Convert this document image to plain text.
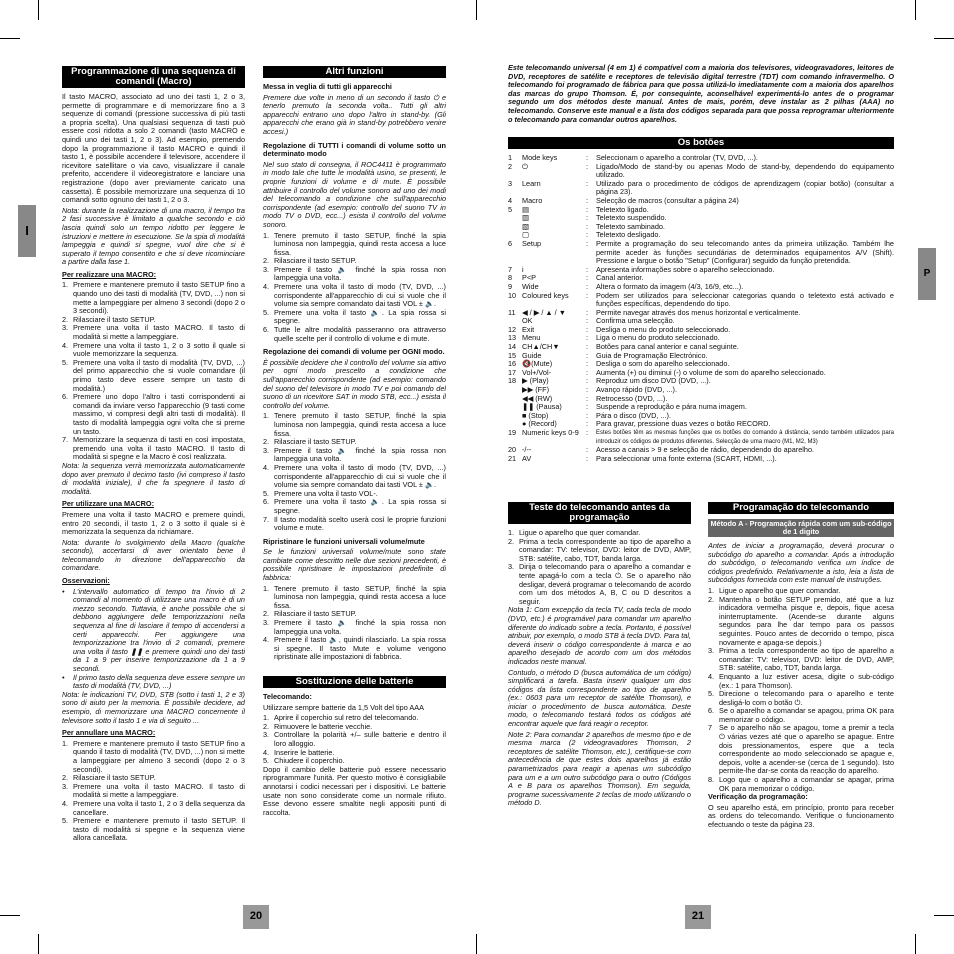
I
P
20	21
Programmazione di una sequenza di comandi (Macro)

Il tasto MACRO, associato ad uno dei tasti 1, 2 o 3, permette di programmare e di memorizzare fino a 3 sequenze di comandi (pressione successiva di più tasti a propria scelta). Una qualsiasi sequenza di tasti può essere così ridotta a solo 2 comandi (tasto MACRO e quindi uno dei tasti 1, 2 o 3). Ad esempio, premendo dopo la programmazione il tasto MACRO e quindi il tasto 1, è possibile accendere il televisore, accendere il ricevitore satellitare o via cavo, visualizzare il canale preferito, accendere il videoregistratore e lanciare una registrazione (dopo aver previamente caricato una cassetta). È possibile memorizzare una sequenza di 10 comandi sotto ognuno dei tasti 1, 2 o 3.

Nota: durante la realizzazione di una macro, il tempo tra 2 fasi successive è limitato a qualche secondo e ciò lascia quindi solo un tempo ridotto per leggere le istruzioni e mettere in esecuzione. Se la spia di modalità lampeggia e quindi si spegne, vuol dire che si è superato il tempo consentito e che si deve ricominciare a partire dalla fase 1.

Per realizzare una MACRO:

1. Premere e mantenere premuto il tasto SETUP fino a quando uno dei tasti di modalità (TV, DVD, ...) non si mette a lampeggiare per almeno 3 secondi (dopo 2 o 3 secondi).
2. Rilasciare il tasto SETUP.
3. Premere una volta il tasto MACRO. Il tasto di modalità si mette a lampeggiare.
4. Premere una volta il tasto 1, 2 o 3 sotto il quale si vuole memorizzare la sequenza.
5. Premere una volta il tasto di modalità (TV, DVD, ...) del primo apparecchio che si vuole comandare (il primo tasto deve essere sempre un tasto di modalità.)
6. Premere uno dopo l'altro i tasti corrispondenti ai comandi da inviare verso l'apparecchio (9 tasti come massimo, vi compresi degli altri tasti di modalità). Il tasto di modalità lampeggia ogni volta che si preme un tasto.
7. Memorizzare la sequenza di tasti en così impostata, premendo una volta il tasto MACRO. Il tasto di modalità si spegne e la Macro è così realizzata.

Nota: la sequenza verrà memorizzata automaticamente dopo aver premuto il decimo tasto (ivi compreso il tasto di modalità iniziale), il che fa spegnere il tasto di modalità.

Per utilizzare una MACRO:

Premere una volta il tasto MACRO e premere quindi, entro 20 secondi, il tasto 1, 2 o 3 sotto il quale si è memorizzata la sequenza da richiamare.

Nota: durante lo svolgimento della Macro (qualche secondo), accertarsi di aver orientato bene il telecomando in direzione dell'apparecchio da comandare.

Osservazioni:

• L'intervallo automatico di tempo tra l'invio di 2 comandi al momento di utilizzare una macro è di un mezzo secondo. Tuttavia, è anche possibile che si debbono aggiungere delle temporizzazioni nella sequenza al fine di lasciare il tempo di accendersi a certi apparecchi. Per aggiungere una temporizzazione tra l'invio di 2 comandi, premere una volta il tasto ❚❚ e premere quindi uno dei tasti da 1 a 9 per inserire temporizzazione da 1 a 9 secondi.
• Il primo tasto della sequenza deve essere sempre un tasto di modalità (TV, DVD, ...)

Nota: le indicazioni TV, DVD, STB (sotto i tasti 1, 2 e 3) sono di aiuto per la memoria. È possibile decidere, ad esempio, di memorizzare una MACRO concernente il televisore sotto il tasto 1 e via di seguito ...

Per annullare una MACRO:

1. Premere e mantenere premuto il tasto SETUP fino a quando il tasto di modalità (TV, DVD, ...) non si mette a lampeggiare per almeno 3 secondi (dopo 2 o 3 secondi).
2. Rilasciare il tasto SETUP.
3. Premere una volta il tasto MACRO. Il tasto di modalità si mette a lampeggiare.
4. Premere una volta il tasto 1, 2 o 3 della sequenza da cancellare.
5. Premere e mantenere premuto il tasto SETUP. Il tasto di modalità si spegne e la sequenza viene allora cancellata.
Altri funzioni

Messa in veglia di tutti gli apparecchi

Premere due volte in meno di un secondo il tasto ⏻ e tenerlo premuto la seconda volta.. Tutti gli altri apparecchi entrano uno dopo l'altro in stand-by. (Gli apparecchi che erano già in stand-by potrebbero venire accesi.)

Regolazione di TUTTI i comandi di volume sotto un determinato modo

Nel suo stato di consegna, il ROC4411 è programmato in modo tale che tutte le modalità usino, se presenti, le proprie funzioni di volume e di mute. È possibile attribuire il controllo del volume sonoro ad uno dei modi del telecomando a condizione che sull'apparecchio corrispondente (ad esempio: controllo del suono TV in modo TV o DVD, ecc...) esista il controllo del volume sonoro.

1. Tenere premuto il tasto SETUP, finché la spia luminosa non lampeggia, quindi resta accesa a luce fissa.
2. Rilasciare il tasto SETUP.
3. Premere il tasto 🔈 finché la spia rossa non lampeggia una volta.
4. Premere una volta il tasto di modo (TV, DVD, ...) corrispondente all'apparecchio di cui si vuole che il volume sia sempre comandato dai tasti VOL ± 🔈.
5. Premere una volta il tasto 🔈. La spia rossa si spegne.
6. Tutte le altre modalità passeranno ora attraverso quelle scelte per il controllo di volume e di mute.

Regolazione dei comandi di volume per OGNI modo.

È possibile decidere che il controllo del volume sia attivo per ogni modo prescelto a condizione che sull'apparecchio corrispondente (ad esempio: comando del suono del televisore in modo TV e poi comando del suono di un ricevitore SAT in modo STB, ecc...) esista il controllo del volume.

1. Tenere premuto il tasto SETUP, finché la spia luminosa non lampeggia, quindi resta accesa a luce fissa.
2. Rilasciare il tasto SETUP.
3. Premere il tasto 🔈 finché la spia rossa non lampeggia una volta.
4. Premere una volta il tasto di modo (TV, DVD, ...) corrispondente all'apparecchio di cui si vuole che il volume sia sempre comandato dai tasti VOL ± 🔈.
5. Premere una volta il tasto VOL-.
6. Premere una volta il tasto 🔈. La spia rossa si spegne.
7. Il tasto modalità scelto userà così le proprie funzioni volume e mute.

Ripristinare le funzioni universali volume/mute

Se le funzioni universali volume/mute sono state cambiate come descritto nelle due sezioni precedenti, è possibile ripristinare le impostazioni predefinite di fabbrica:

1. Tenere premuto il tasto SETUP, finché la spia luminosa non lampeggia, quindi resta accesa a luce fissa.
2. Rilasciare il tasto SETUP.
3. Premere il tasto 🔈 finché la spia rossa non lampeggia una volta.
4. Premere il tasto 🔈, quindi rilasciarlo. La spia rossa si spegne. Il tasto Mute e volume vengono ripristinate alle impostazioni di fabbrica.
Sostituzione delle batterie

Telecomando:

Utilizzare sempre batterie da 1,5 Volt del tipo AAA

1. Aprire il coperchio sul retro del telecomando.
2. Rimuovere le batterie vecchie.
3. Controllare la polarità +/– sulle batterie e dentro il loro alloggio.
4. Inserire le batterie.
5. Chiudere il coperchio.

Dopo il cambio delle batterie può essere necessario riprogrammare l'unità. Per questo motivo è consigliabile annotarsi i codici necessari per i dispositivi. Le batterie usate non sono considerate come un normale rifiuto. Esse devono essere smaltite negli appositi punti di raccolta.

Este telecomando universal (4 em 1) é compatível com a maioria dos televisores, videogravadores, leitores de DVD, receptores de satélite e receptores de televisão digital terrestre (TDT) com comando infravermelho. O telecomando foi programado de fábrica para que possa utilizá-lo imediatamente com a maioria dos aparelhos das marcas do grupo Thomson. É, por consequinte, aconselhável experimentá-lo antes de o programar segundo um dos métodos deste manual. Antes de mais, porém, deve instalar as 2 pilhas (AAA) no telecomando. Conserve este manual e a lista dos códigos separada para que possa reprogramar ulteriormente o telecomando para comandar outros aparelhos.
Os botões
1	Mode keys	:	Seleccionam o aparelho a controlar (TV, DVD, ...).
2	⏻	:	Ligado/Modo de stand-by ou apenas Modo de stand-by, dependendo do equipamento utilizado.
3	Learn	:	Utilizado para o procedimento de códigos de aprendizagem (copiar botão) (consultar a página 23).
4	Macro	:	Selecção de macros (consultar a página 24)
5	▤	:	Teletexto ligado.
▥	:	Teletexto suspendido.
▧	:	Teletexto sambinado.
▢	:	Teletexto desligado.
6	Setup	:	Permite a programação do seu telecomando antes da primeira utilização. Também lhe permite aceder às funções secundárias de determinados equipamentos A/V (Shift). Pressione e largue o botão "Setup" (Configurar) seguido da função pretendida.
7	i	:	Apresenta informações sobre o aparelho seleccionado.
8	P<P	:	Canal anterior.
9	Wide	:	Altera o formato da imagem (4/3, 16/9, etc...).
10 Coloured keys	:	Podem ser utilizados para seleccionar categorias quando o teletexto está activado e funções específicas, dependendo do tipo.
11 ◀ / ▶ / ▲ / ▼	:	Permite navegar através dos menus horizontal e verticalmente.
OK	:	Confirma uma selecção.
12 Exit	:	Desliga o menu do produto seleccionado.
13 Menu	:	Liga o menu do produto seleccionado.
14 CH▲/CH▼	:	Botões para canal anterior e canal seguinte.
15 Guide	:	Guia de Programação Electrónico.
16 🔇(Mute)	:	Desliga o som do aparelho seleccionado.
17 Vol+/Vol-	:	Aumenta (+) ou diminui (-) o volume de som do aparelho seleccionado.
18 ▶ (Play)	:	Reproduz um disco DVD (DVD, ...).
▶▶ (FF)	:	Avanço rápido (DVD, ...).
◀◀ (RW)	:	Retrocesso (DVD, ...).
❚❚ (Pausa)	:	Suspende a reprodução e pára numa imagem.
■ (Stop)	:	Pára o disco (DVD, ...).
● (Record)	:	Para gravar, pressione duas vezes o botão RECORD.
19 Numeric keys 0-9 :	Estes botões têm as mesmas funções que os botões do comando à distância, sendo também utilizados para introduzir os códigos de produtos diferentes. Selecção de uma macro (M1, M2, M3)
20 -/--	:	Acesso a canais > 9 e selecção de rádio, dependendo do aparelho.
21 AV	:	Para seleccionar uma fonte externa (SCART, HDMI, ...).
Teste do telecomando antes da programação
1. Ligue o aparelho que quer comandar.
2. Prima a tecla correspondente ao tipo de aparelho a comandar: TV: televisor, DVD: leitor de DVD, AMP, STB: satélite, cabo, TDT, banda larga.
3. Dirija o telecomando para o aparelho a comandar e tente apagá-lo com a tecla ⏻. Se o aparelho não desligar, deverá programar o telecomando de acordo com um dos métodos A, B, C ou D descritos a seguir.

Nota 1: Com excepção da tecla TV, cada tecla de modo (DVD, etc.) é programável para comandar um aparelho diferente do indicado sobre a tecla. Portanto, é possível atribuir, por exemplo, o modo STB à tecla DVD. Para tal, deverá inserir o código correspondente à marca e ao aparelho desejado de acordo com um dos métodos indicados neste manual.

Contudo, o método D (busca automática de um código) simplificará a tarefa. Basta inserir qualquer um dos códigos da lista correspondente ao tipo de aparelho (ex.: 0603 para um receptor de satélite Thomson), e iniciar o procedimento de busca automática. Deste modo, o telecomando testará todos os códigos até encontrar aquele que fará reagir o receptor.

Note 2: Para comandar 2 aparelhos de mesmo tipo e de mesma marca (2 videogravadores Thomson, 2 receptores de satélite Thomson, etc.), certifique-se com antecedência de que estes dois aparelhos já estão parametrizados para reagir a apenas um subcódigo para um e a um outro subcódigo para o outro (Códigos A e B para os aparelhos Thomson). Em seguida, programe sucessivamente 2 teclas de modo utilizando o método D.

Programação do telecomando
Método A - Programação rápida com um sub-código de 1 digito

Antes de iniciar a programação, deverá procurar o subcódigo do aparelho a comandar. Após a introdução do subcódigo, o telecomando verifica um índice de códigos predefinido. Relativamente a isto, leia a lista de subcódigos fornecida com este manual de instruções.

1. Ligue o aparelho que quer comandar.
2. Mantenha o botão SETUP premido, até que a luz indicadora vermelha pisque e, depois, fique acesa ininterruptamente. (Acende-se durante alguns segundos para lhe dar tempo para os passos seguintes. Pouco antes de decorrido o tempo, pisca novamente e apaga-se depois.)
3. Prima a tecla correspondente ao tipo de aparelho a comandar: TV: televisor, DVD: leitor de DVD, AMP, STB: satélite, cabo, TDT, banda larga.
4. Enquanto a luz estiver acesa, digite o sub-código (ex.: 1 para Thomson).
5. Direcione o telecomando para o aparelho e tente desligá-lo com o botão ⏻.
6. Se o aparelho a comandar se apagou, prima OK para memorizar o código.
7 Se o aparelho não se apagou, torne a premir a tecla ⏻ várias vezes até que o aparelho se apague. Entre dois pressionamentos, espere que a tecla correspondente ao modo seleccionado se apague e, depois, volte a acender-se (cerca de 1 segundo). Isto permite-lhe dar-se conta da reacção do aparelho.
8. Logo que o aparelho a comandar se apagar, prima OK para memorizar o código.

Verificação da programação:

O seu aparelho está, em princípio, pronto para receber as ordens do telecomando. Verifique o funcionamento efectuando o teste da página 23.
